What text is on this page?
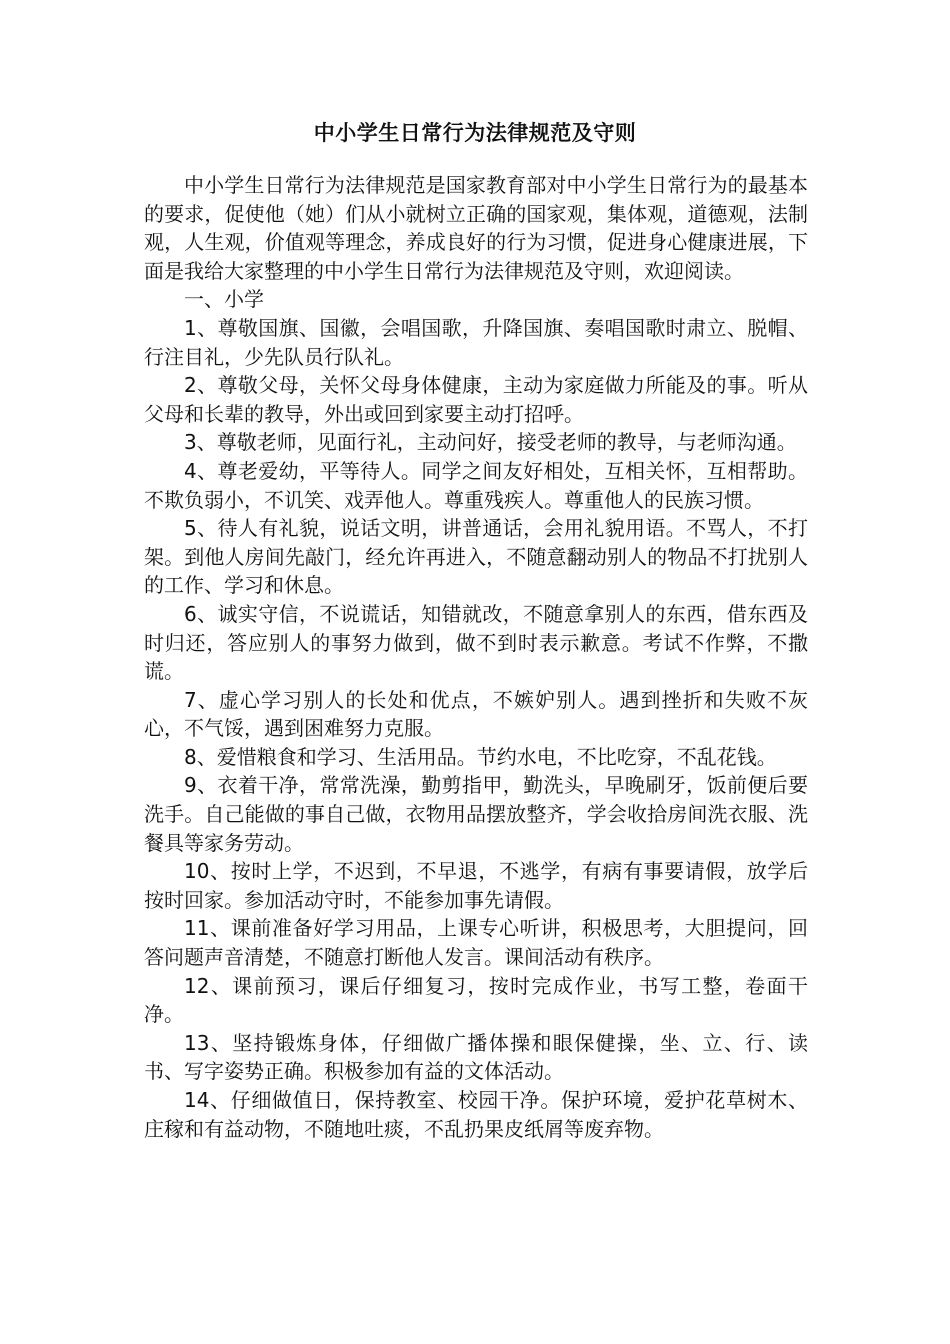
中小学生日常行为法律规范及守则

中小学生日常行为法律规范是国家教育部对中小学生日常行为的最基本的要求，促使他（她）们从小就树立正确的国家观，集体观，道德观，法制观，人生观，价值观等理念，养成良好的行为习惯，促进身心健康进展，下面是我给大家整理的中小学生日常行为法律规范及守则，欢迎阅读。

一、小学

1、尊敬国旗、国徽，会唱国歌，升降国旗、奏唱国歌时肃立、脱帽、行注目礼，少先队员行队礼。

2、尊敬父母，关怀父母身体健康，主动为家庭做力所能及的事。听从父母和长辈的教导，外出或回到家要主动打招呼。

3、尊敬老师，见面行礼，主动问好，接受老师的教导，与老师沟通。

4、尊老爱幼，平等待人。同学之间友好相处，互相关怀，互相帮助。不欺负弱小，不讥笑、戏弄他人。尊重残疾人。尊重他人的民族习惯。

5、待人有礼貌，说话文明，讲普通话，会用礼貌用语。不骂人，不打架。到他人房间先敲门，经允许再进入，不随意翻动别人的物品不打扰别人的工作、学习和休息。

6、诚实守信，不说谎话，知错就改，不随意拿别人的东西，借东西及时归还，答应别人的事努力做到，做不到时表示歉意。考试不作弊，不撒谎。

7、虚心学习别人的长处和优点，不嫉妒别人。遇到挫折和失败不灰心，不气馁，遇到困难努力克服。

8、爱惜粮食和学习、生活用品。节约水电，不比吃穿，不乱花钱。

9、衣着干净，常常洗澡，勤剪指甲，勤洗头，早晚刷牙，饭前便后要洗手。自己能做的事自己做，衣物用品摆放整齐，学会收拾房间洗衣服、洗餐具等家务劳动。

10、按时上学，不迟到，不早退，不逃学，有病有事要请假，放学后按时回家。参加活动守时，不能参加事先请假。

11、课前准备好学习用品，上课专心听讲，积极思考，大胆提问，回答问题声音清楚，不随意打断他人发言。课间活动有秩序。

12、课前预习，课后仔细复习，按时完成作业，书写工整，卷面干净。

13、坚持锻炼身体，仔细做广播体操和眼保健操，坐、立、行、读书、写字姿势正确。积极参加有益的文体活动。

14、仔细做值日，保持教室、校园干净。保护环境，爱护花草树木、庄稼和有益动物，不随地吐痰，不乱扔果皮纸屑等废弃物。
